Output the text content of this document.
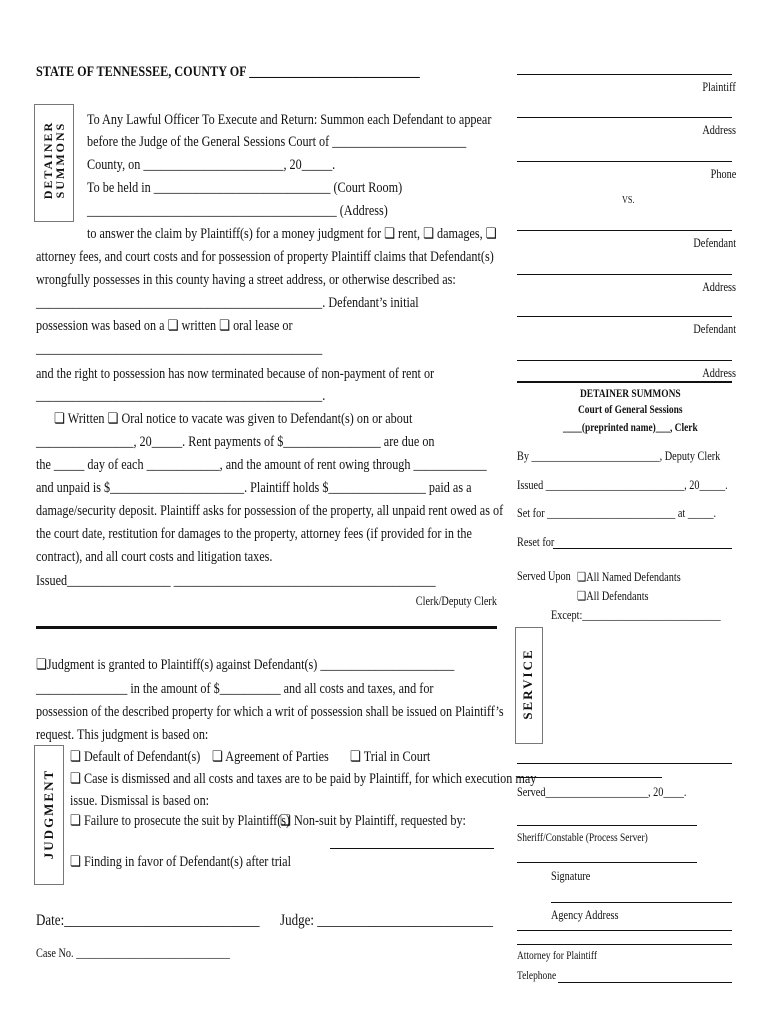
STATE OF TENNESSEE, COUNTY OF ____________________________
DETAINER
SUMMONS
To Any Lawful Officer To Execute and Return: Summon each Defendant to appear
before the Judge of the General Sessions Court of ______________________
County, on _______________________, 20_____.
To be held in _____________________________ (Court Room)
_________________________________________ (Address)
to answer the claim by Plaintiff(s) for a money judgment for ❏ rent, ❏ damages, ❏
attorney fees, and court costs and for possession of property Plaintiff claims that Defendant(s)
wrongfully possesses in this county having a street address, or otherwise described as:
_______________________________________________. Defendant’s initial
possession was based on a ❏ written ❏ oral lease or
_______________________________________________
and the right to possession has now terminated because of non-payment of rent or
_______________________________________________.
❏ Written ❏ Oral notice to vacate was given to Defendant(s) on or about
________________, 20_____. Rent payments of $________________ are due on
the _____ day of each ____________, and the amount of rent owing through ____________
and unpaid is $______________________. Plaintiff holds $________________ paid as a
damage/security deposit. Plaintiff asks for possession of the property, all unpaid rent owed as of
the court date, restitution for damages to the property, attorney fees (if provided for in the
contract), and all court costs and litigation taxes.
Issued_________________ ___________________________________________
Clerk/Deputy Clerk
❏Judgment is granted to Plaintiff(s) against Defendant(s) ______________________
_______________ in the amount of $__________ and all costs and taxes, and for
possession of the described property for which a writ of possession shall be issued on Plaintiff’s
request. This judgment is based on:
JUDGMENT
❏ Default of Defendant(s) ❏ Agreement of Parties ❏ Trial in Court
❏ Case is dismissed and all costs and taxes are to be paid by Plaintiff, for which execution may
issue. Dismissal is based on:
❏ Failure to prosecute the suit by Plaintiff(s)
❏ Non-suit by Plaintiff, requested by:
❏ Finding in favor of Defendant(s) after trial
Date:______________________________ Judge: ___________________________
Case No. ______________________________
Plaintiff
Address
Phone
VS.
Defendant
Address
Defendant
Address
DETAINER SUMMONS
Court of General Sessions
____(preprinted name)___, Clerk
By _________________________, Deputy Clerk
Issued ___________________________, 20_____.
Set for _________________________ at _____.
Reset for
Served Upon ❏All Named Defendants
❏All Defendants
Except:___________________________
SERVICE
Served____________________, 20____.
Sheriff/Constable (Process Server)
Signature
Agency Address
Attorney for Plaintiff
Telephone
